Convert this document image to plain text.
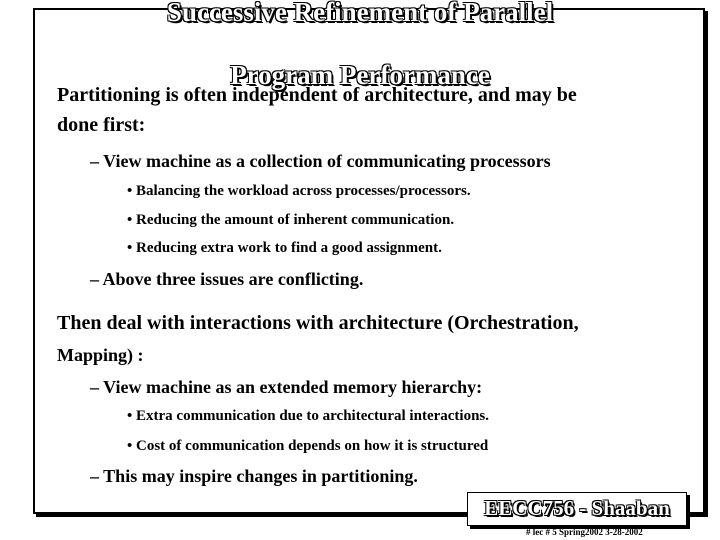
Successive Refinement of Parallel
Partitioning is often independent of architecture, and may be
done first:
Program Performance
– View machine as a collection of communicating processors
• Balancing the workload across processes/processors.
• Reducing the amount of inherent communication.
• Reducing extra work to find a good assignment.
– Above three issues are conflicting.
Then deal with interactions with architecture (Orchestration,
Mapping) :
– View machine as an extended memory hierarchy:
• Extra communication due to architectural interactions.
• Cost of communication depends on how it is structured
– This may inspire changes in partitioning.
EECC756 - Shaaban
# lec # 5 Spring2002 3-28-2002
